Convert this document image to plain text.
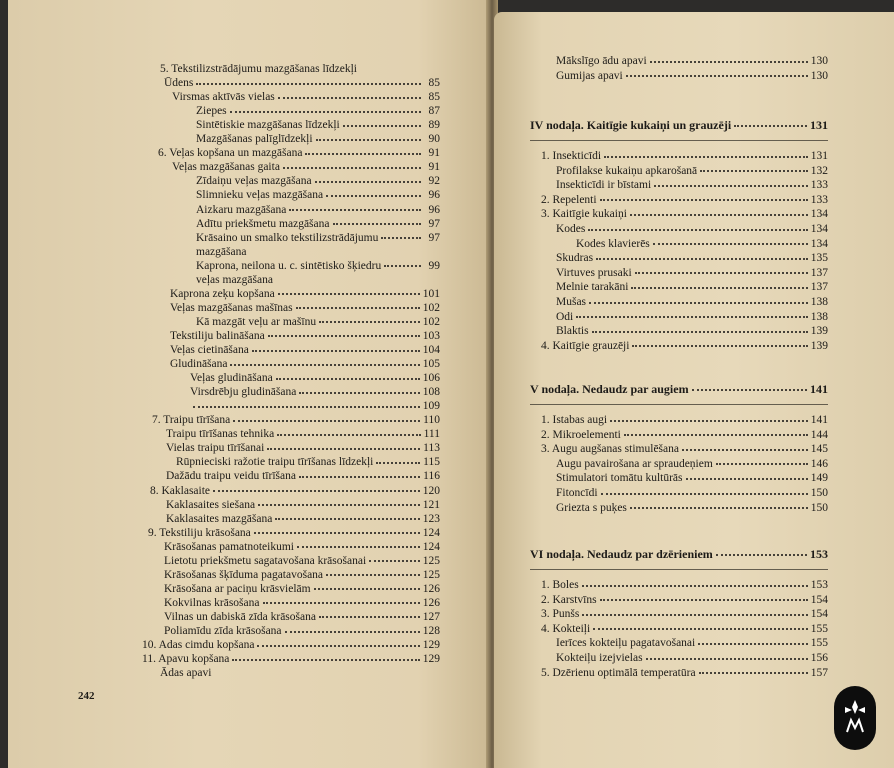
5. Tekstilizstrādājumu mazgāšanas līdzekļi
Ūdens	85
Virsmas aktīvās vielas	85
Ziepes	87
Sintētiskie mazgāšanas līdzekļi	89
Mazgāšanas palīglīdzekļi	90
6. Veļas kopšana un mazgāšana	91
Veļas mazgāšanas gaita	91
Zīdaiņu veļas mazgāšana	92
Slimnieku veļas mazgāšana	96
Aizkaru mazgāšana	96
Adītu priekšmetu mazgāšana	97
Krāsaino un smalko tekstilizstrādājumu	97
mazgāšana
Kaprona, neilona u. c. sintētisko šķiedru	99
veļas mazgāšana
Kaprona zeķu kopšana	101
Veļas mazgāšanas mašīnas	102
Kā mazgāt veļu ar mašīnu	102
Tekstiliju balināšana	103
Veļas cietināšana	104
Gludināšana	105
Veļas gludināšana	106
Virsdrēbju gludināšana	108
109
7. Traipu tīrīšana	110
Traipu tīrīšanas tehnika	111
Vielas traipu tīrīšanai	113
Rūpnieciski ražotie traipu tīrīšanas līdzekļi	115
Dažādu traipu veidu tīrīšana	116
8. Kaklasaite	120
Kaklasaites siešana	121
Kaklasaites mazgāšana	123
9. Tekstiliju krāsošana	124
Krāsošanas pamatnoteikumi	124
Lietotu priekšmetu sagatavošana krāsošanai	125
Krāsošanas šķīduma pagatavošana	125
Krāsošana ar paciņu krāsvielām	126
Kokvilnas krāsošana	126
Vilnas un dabiskā zīda krāsošana	127
Poliamīdu zīda krāsošana	128
10. Adas cimdu kopšana	129
11. Apavu kopšana	129
Ādas apavi
Mākslīgo ādu apavi	130
Gumijas apavi	130
IV nodaļa. Kaitīgie kukaiņi un grauzēji	131
1. Insekticīdi	131
Profilakse kukaiņu apkarošanā	132
Insekticīdi ir bīstami	133
2. Repelenti	133
3. Kaitīgie kukaiņi	134
Kodes	134
Kodes klavierēs	134
Skudras	135
Virtuves prusaki	137
Melnie tarakāni	137
Mušas	138
Odi	138
Blaktis	139
4. Kaitīgie grauzēji	139
V nodaļa. Nedaudz par augiem	141
1. Istabas augi	141
2. Mikroelementi	144
3. Augu augšanas stimulēšana	145
Augu pavairošana ar spraudeņiem	146
Stimulatori tomātu kultūrās	149
Fitoncīdi	150
Griezta s puķes	150
VI nodaļa. Nedaudz par dzērieniem	153
1. Boles	153
2. Karstvīns	154
3. Punšs	154
4. Kokteiļi	155
Ierīces kokteiļu pagatavošanai	155
Kokteiļu izejvielas	156
5. Dzērienu optimālā temperatūra	157
242
